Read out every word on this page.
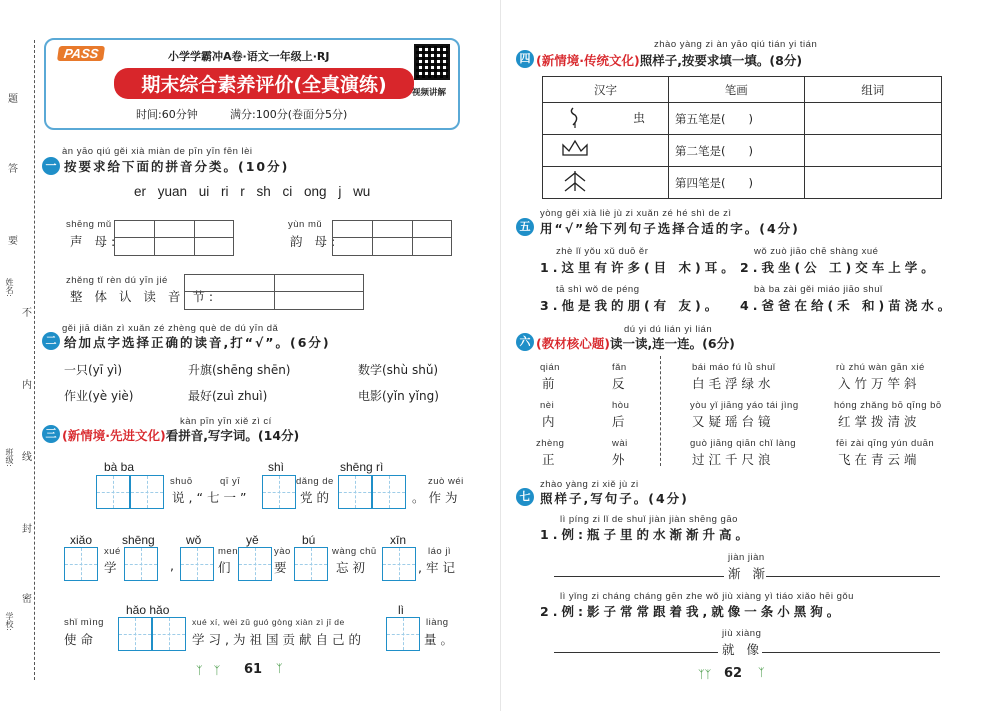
题
答
要
不
内
线
封
密
姓名:
班级:
学校:
PASS	小学学霸冲A卷·语文一年级上·RJ
期末综合素养评价(全真演练)
时间:60分钟	满分:100分(卷面分5分)
视频讲解
àn yāo qiú gěi xià miàn de pīn yīn fēn lèi
一 按要求给下面的拼音分类。(10分)
er yuan ui ri r sh ci ong j wu
shēng mǔ
声 母:
yùn mǔ
韵 母:
zhěng tǐ rèn dú yīn jié
整 体 认 读 音 节:
gěi jiā diǎn zì xuǎn zé zhèng què de dú yīn dǎ
二 给加点字选择正确的读音,打“√”。(6分)
一只(yī yì)	升旗(shēng shēn)	数学(shù shǔ)
作业(yè yiè)	最好(zuì zhuì)	电影(yǐn yǐng)
kàn pīn yīn xiě zì cí
三 (新情境·先进文化)看拼音,写字词。(14分)
bà ba
shuō
说,“七一”
qī yī
shì
dǎng de
党的
shēng rì
zuò wéi
。作为
xiǎo
xué
学
shēng	wǒ
,
men
们
yě
yào
要
bú
wàng chū
忘初
xīn
láo jì
,牢记
shǐ mìng
使命
hǎo hǎo
xué xí, wèi zǔ guó gòng xiàn zì jǐ de
学习,为祖国贡献自己的
lì
liàng
量。
ᛉ　ᛉ 61 ᛉ
zhào yàng zi àn yāo qiú tián yi tián
四 (新情境·传统文化)照样子,按要求填一填。(8分)
汉字	笔画	组词

虫	第五笔是(　　)	
	第二笔是(　　)	
	第四笔是(　　)	
yòng gěi xià liè jù zi xuǎn zé hé shì de zì
五 用“√”给下列句子选择合适的字。(4分)
zhè lǐ yǒu xǔ duō ěr
1.这里有许多(目 木)耳。
wǒ zuò jiāo chē shàng xué
2.我坐(公 工)交车上学。
tā shì wǒ de péng
3.他是我的朋(有 友)。
bà ba zài gěi miáo jiāo shuǐ
4.爸爸在给(禾 和)苗浇水。
dú yi dú lián yi lián
六 (教材核心题)读一读,连一连。(6分)
qián
前
fǎn
反
nèi
内
hòu
后
zhèng
正
wài
外
bái máo fú lǜ shuǐ
白毛浮绿水
rù zhú wàn gān xié
入竹万竿斜
yòu yǐ jiāng yáo tái jìng
又疑瑶台镜
hóng zhǎng bō qīng bō
红掌拨清波
guò jiāng qiān chǐ làng
过江千尺浪
fēi zài qīng yún duān
飞在青云端
zhào yàng zi xiě jù zi
七 照样子,写句子。(4分)
lì píng zi lǐ de shuǐ jiàn jiàn shēng gāo
1.例:瓶子里的水渐渐升高。
jiàn jiàn
渐 渐
lì yǐng zi cháng cháng gēn zhe wǒ jiù xiàng yì tiáo xiǎo hēi gǒu
2.例:影子常常跟着我,就像一条小黑狗。
jiù xiàng
就 像
ᛉᛉ 62 ᛉ
